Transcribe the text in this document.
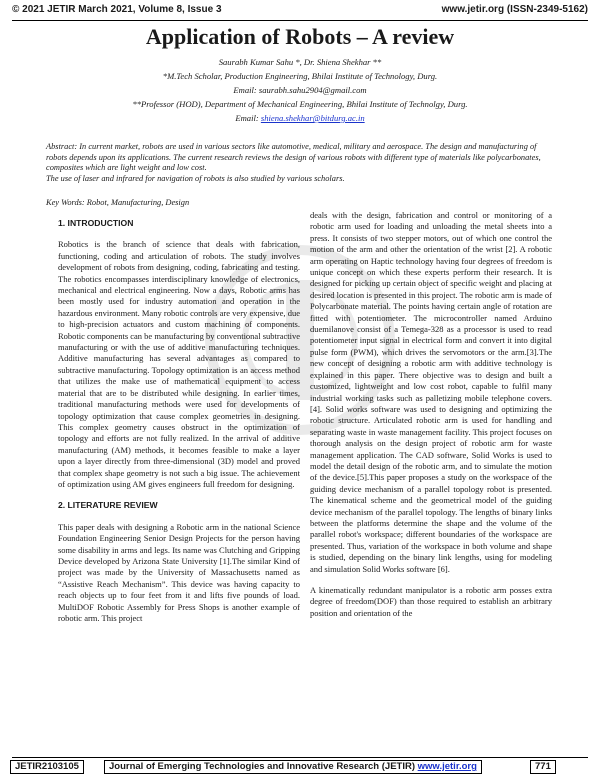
© 2021 JETIR March 2021, Volume 8, Issue 3	www.jetir.org (ISSN-2349-5162)
Application of Robots – A review
Saurabh Kumar Sahu *, Dr. Shiena Shekhar **
*M.Tech Scholar, Production Engineering, Bhilai Institute of Technology, Durg.
Email: saurabh.sahu2904@gmail.com
**Professor (HOD), Department of Mechanical Engineering, Bhilai Institute of Technolgy, Durg.
Email: shiena.shekhar@bitdurg.ac.in

Abstract: In current market, robots are used in various sectors like automotive, medical, military and aerospace. The design and manufacturing of robots depends upon its applications. The current research reviews the design of various robots with different type of materials like polycarbonates, composites which are light weight and low cost.

The use of laser and infrared for navigation of robots is also studied by various scholars.

Key Words: Robot, Manufacturing, Design
1. INTRODUCTION

Robotics is the branch of science that deals with fabrication, functioning, coding and articulation of robots. The study involves development of robots from designing, coding, fabricating and testing. The robotics encompasses interdisciplinary knowledge of electronics, mechanical and electrical engineering. Now a days, Robotic arms has been mostly used for industry automation and operation in the hazardous environment. Many robotic controls are very expensive, due to high-precision actuators and custom machining of components. Robotic components can be manufacturing by conventional subtractive manufacturing or with the use of additive manufacturing techniques. Additive manufacturing has several advantages as compared to subtractive manufacturing. Topology optimization is an access method that utilizes the make use of mathematical equipment to access material that are to be distributed while designing. In earlier times, traditional manufacturing methods were used for developments of topology optimization that cause complex geometries in designing. This complex geometry causes obstruct in the optimization of topology and efforts are not fully realized. In the arrival of additive manufacturing (AM) methods, it becomes feasible to make a layer upon a layer directly from three-dimensional (3D) model and proved that complex shape geometry is not such a big issue. The achievement of optimization using AM gives engineers full freedom for designing.

2. LITERATURE REVIEW

This paper deals with designing a Robotic arm in the national Science Foundation Engineering Senior Design Projects for the person having some disability in arms and legs. Its name was Clutching and Gripping Device developed by Arizona State University [1].The similar Kind of project was made by the University of Massachusetts named as “Assistive Reach Mechanism”. This device was having capacity to reach objects up to four feet from it and lifts five pounds of load. MultiDOF Robotic Assembly for Press Shops is another example of robotic arm. This project

deals with the design, fabrication and control or monitoring of a robotic arm used for loading and unloading the metal sheets into a press. It consists of two stepper motors, out of which one control the motion of the arm and other the orientation of the wrist [2]. A robotic arm operating on Haptic technology having four degrees of freedom is unique concept on which these experts perform their research. It is designed for picking up certain object of specific weight and placing at desired location is presented in this project. The robotic arm is made of Polycarbonate material. The points having certain angle of rotation are fitted with potentiometer. The microcontroller named Arduino duemilanove consist of a Temega-328 as a processor is used to read potentiometer input signal in electrical form and convert it into digital pulse form (PWM), which drives the servomotors or the arm.[3].The new concept of designing a robotic arm with additive technology is explained in this paper. There objective was to design and built a customized, lightweight and low cost robot, capable to fulfil many industrial working tasks such as palletizing mobile telephone covers.[4]. Solid works software was used to designing and optimizing the robotic structure. Articulated robotic arm is used for handling and separating waste in waste management facility. This project focuses on thorough analysis on the design project of robotic arm for waste management application. The CAD software, Solid Works is used to model the detail design of the robotic arm, and to simulate the motion of the device.[5].This paper proposes a study on the workspace of the guiding device mechanism of a parallel topology robot is presented. The kinematical scheme and the geometrical model of the guiding device mechanism of the parallel topology. The lengths of binary links between the platforms determine the shape and the volume of the parallel robot's workspace; different boundaries of the workspace are presented. Thus, variation of the workspace in both volume and shape is studied, depending on the binary link lengths, using for modeling and simulation Solid Works software [6].

A kinematically redundant manipulator is a robotic arm posses extra degree of freedom(DOF) than those required to establish an arbitrary position and orientation of the

JETIR2103105	Journal of Emerging Technologies and Innovative Research (JETIR) www.jetir.org	771
